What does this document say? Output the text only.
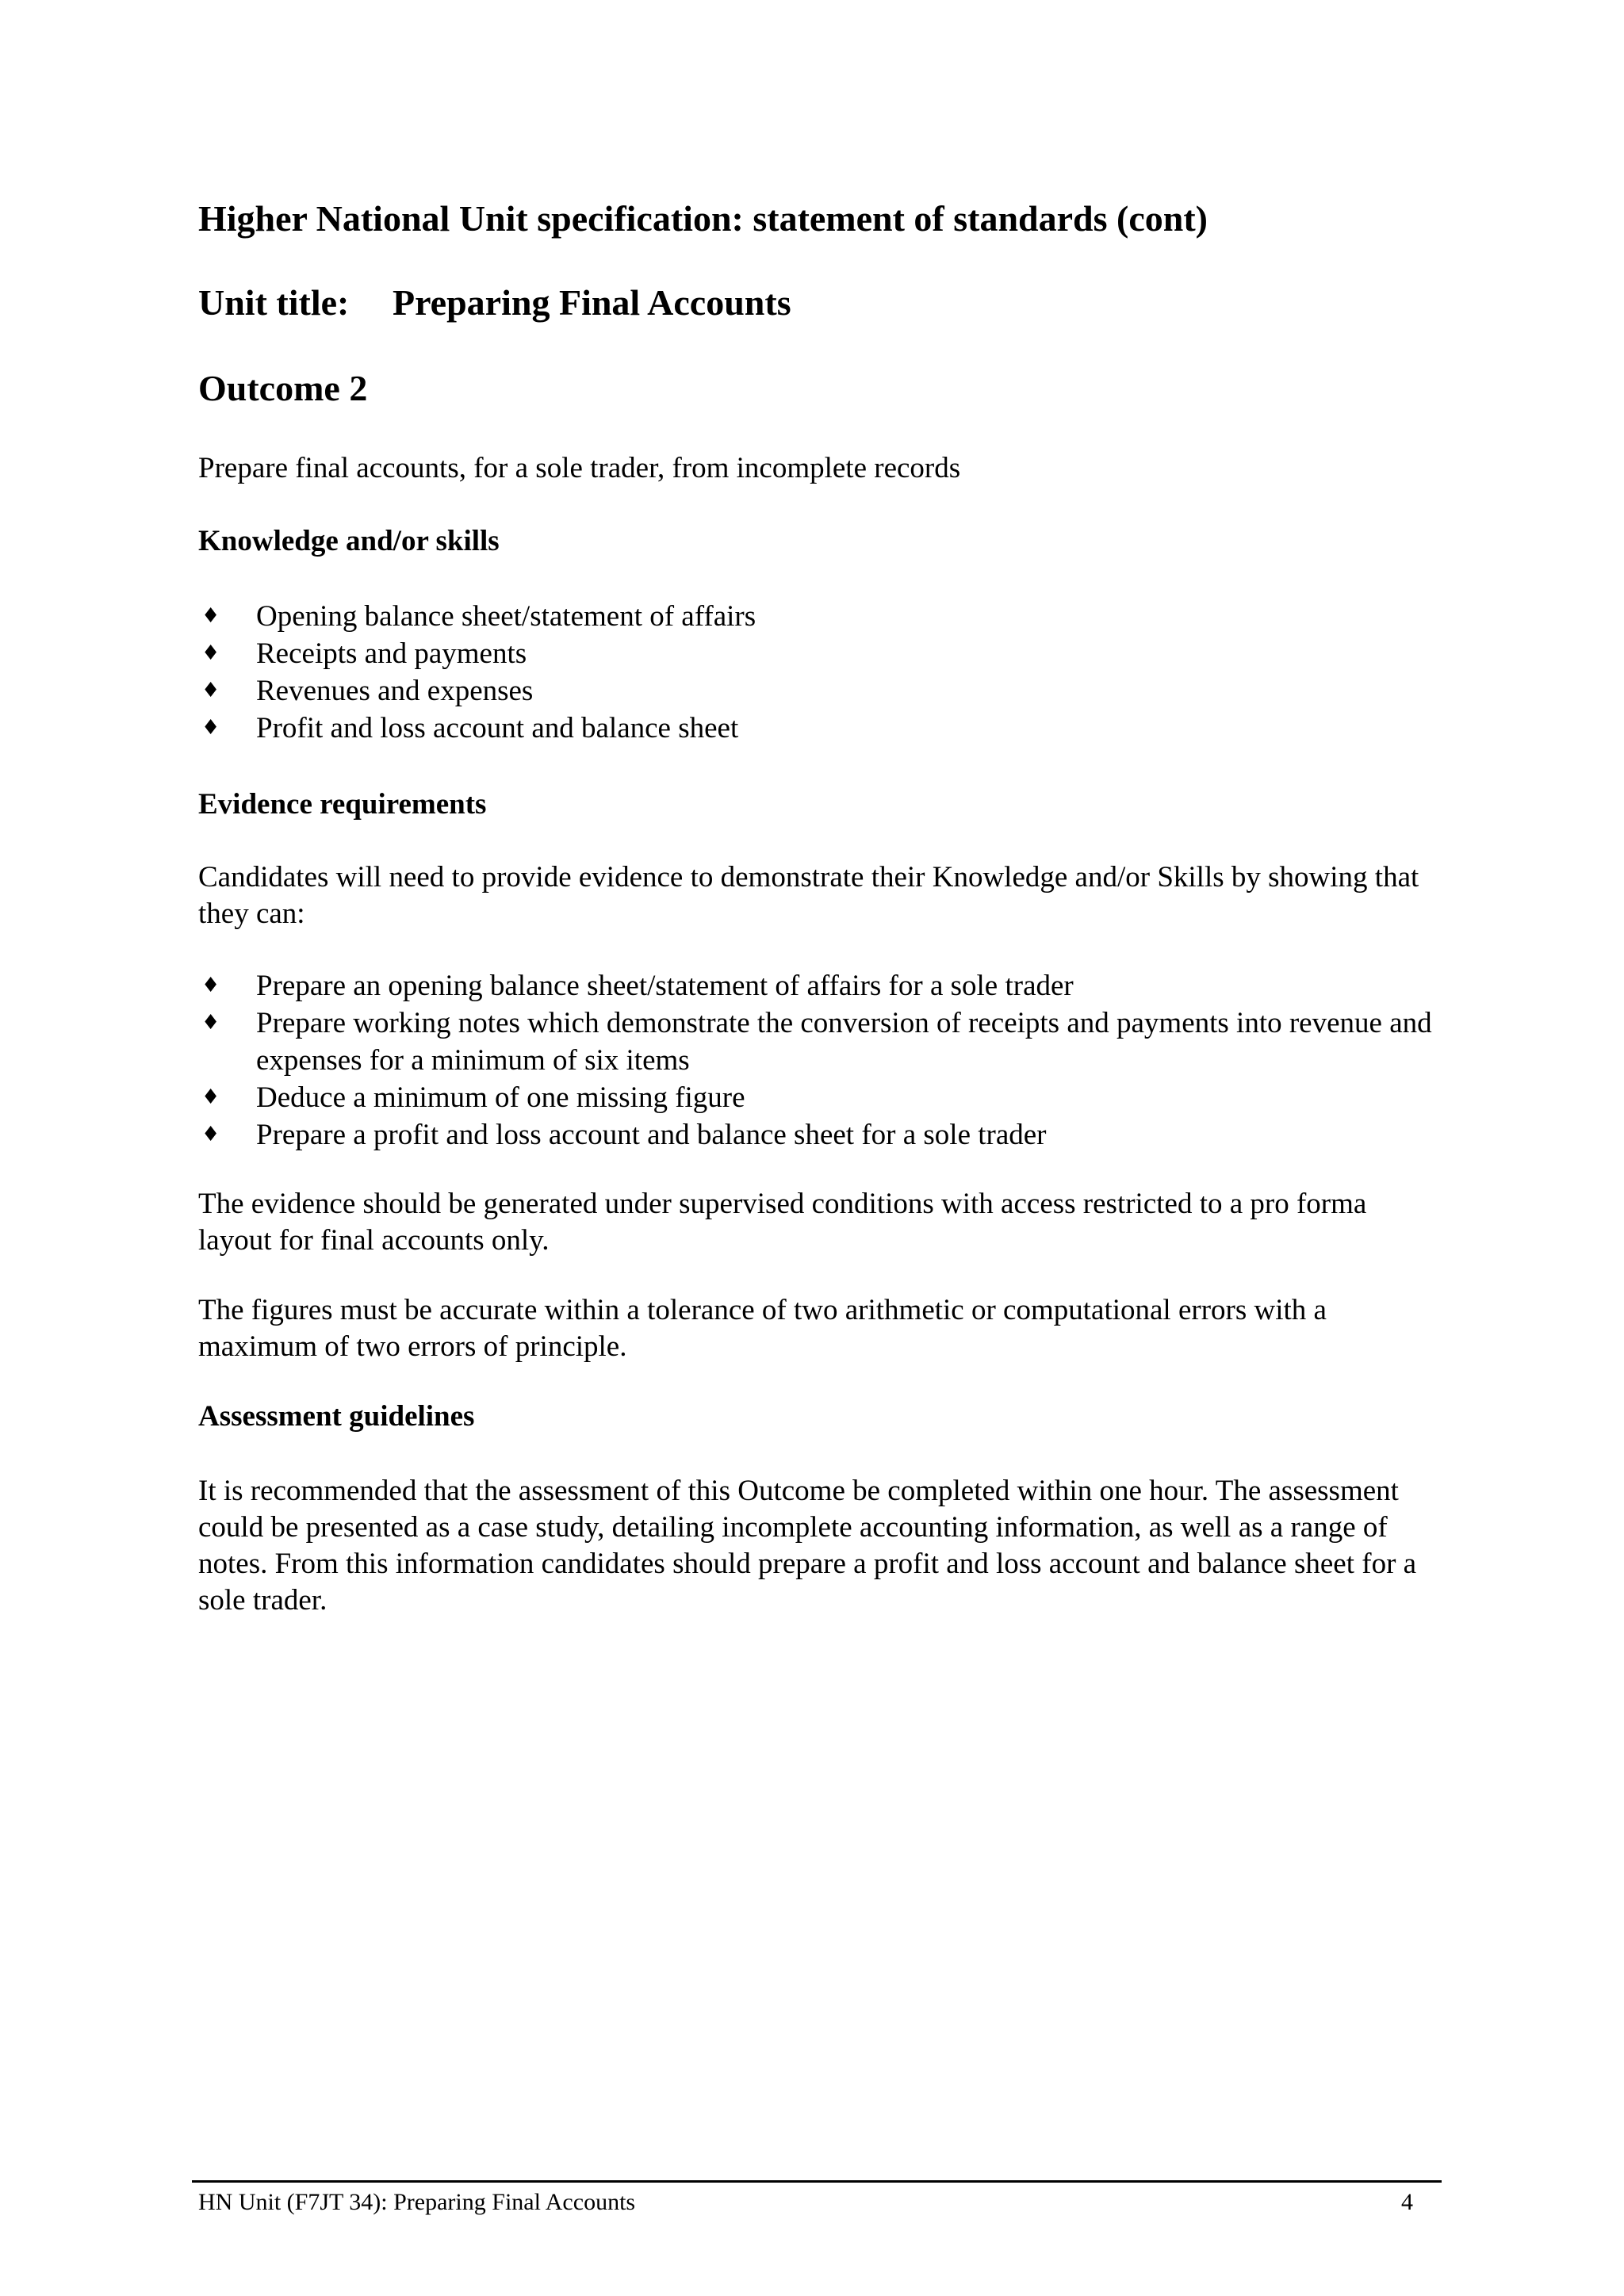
Higher National Unit specification: statement of standards (cont)
Unit title: Preparing Final Accounts
Outcome 2

Prepare final accounts, for a sole trader, from incomplete records

Knowledge and/or skills
♦ Opening balance sheet/statement of affairs
♦ Receipts and payments
♦ Revenues and expenses
♦ Profit and loss account and balance sheet
Evidence requirements

Candidates will need to provide evidence to demonstrate their Knowledge and/or Skills by showing that they can:

♦ Prepare an opening balance sheet/statement of affairs for a sole trader
♦ Prepare working notes which demonstrate the conversion of receipts and payments into revenue and expenses for a minimum of six items
♦ Deduce a minimum of one missing figure
♦ Prepare a profit and loss account and balance sheet for a sole trader

The evidence should be generated under supervised conditions with access restricted to a pro forma layout for final accounts only.

The figures must be accurate within a tolerance of two arithmetic or computational errors with a maximum of two errors of principle.

Assessment guidelines

It is recommended that the assessment of this Outcome be completed within one hour. The assessment could be presented as a case study, detailing incomplete accounting information, as well as a range of notes. From this information candidates should prepare a profit and loss account and balance sheet for a sole trader.

HN Unit (F7JT 34): Preparing Final Accounts	4
